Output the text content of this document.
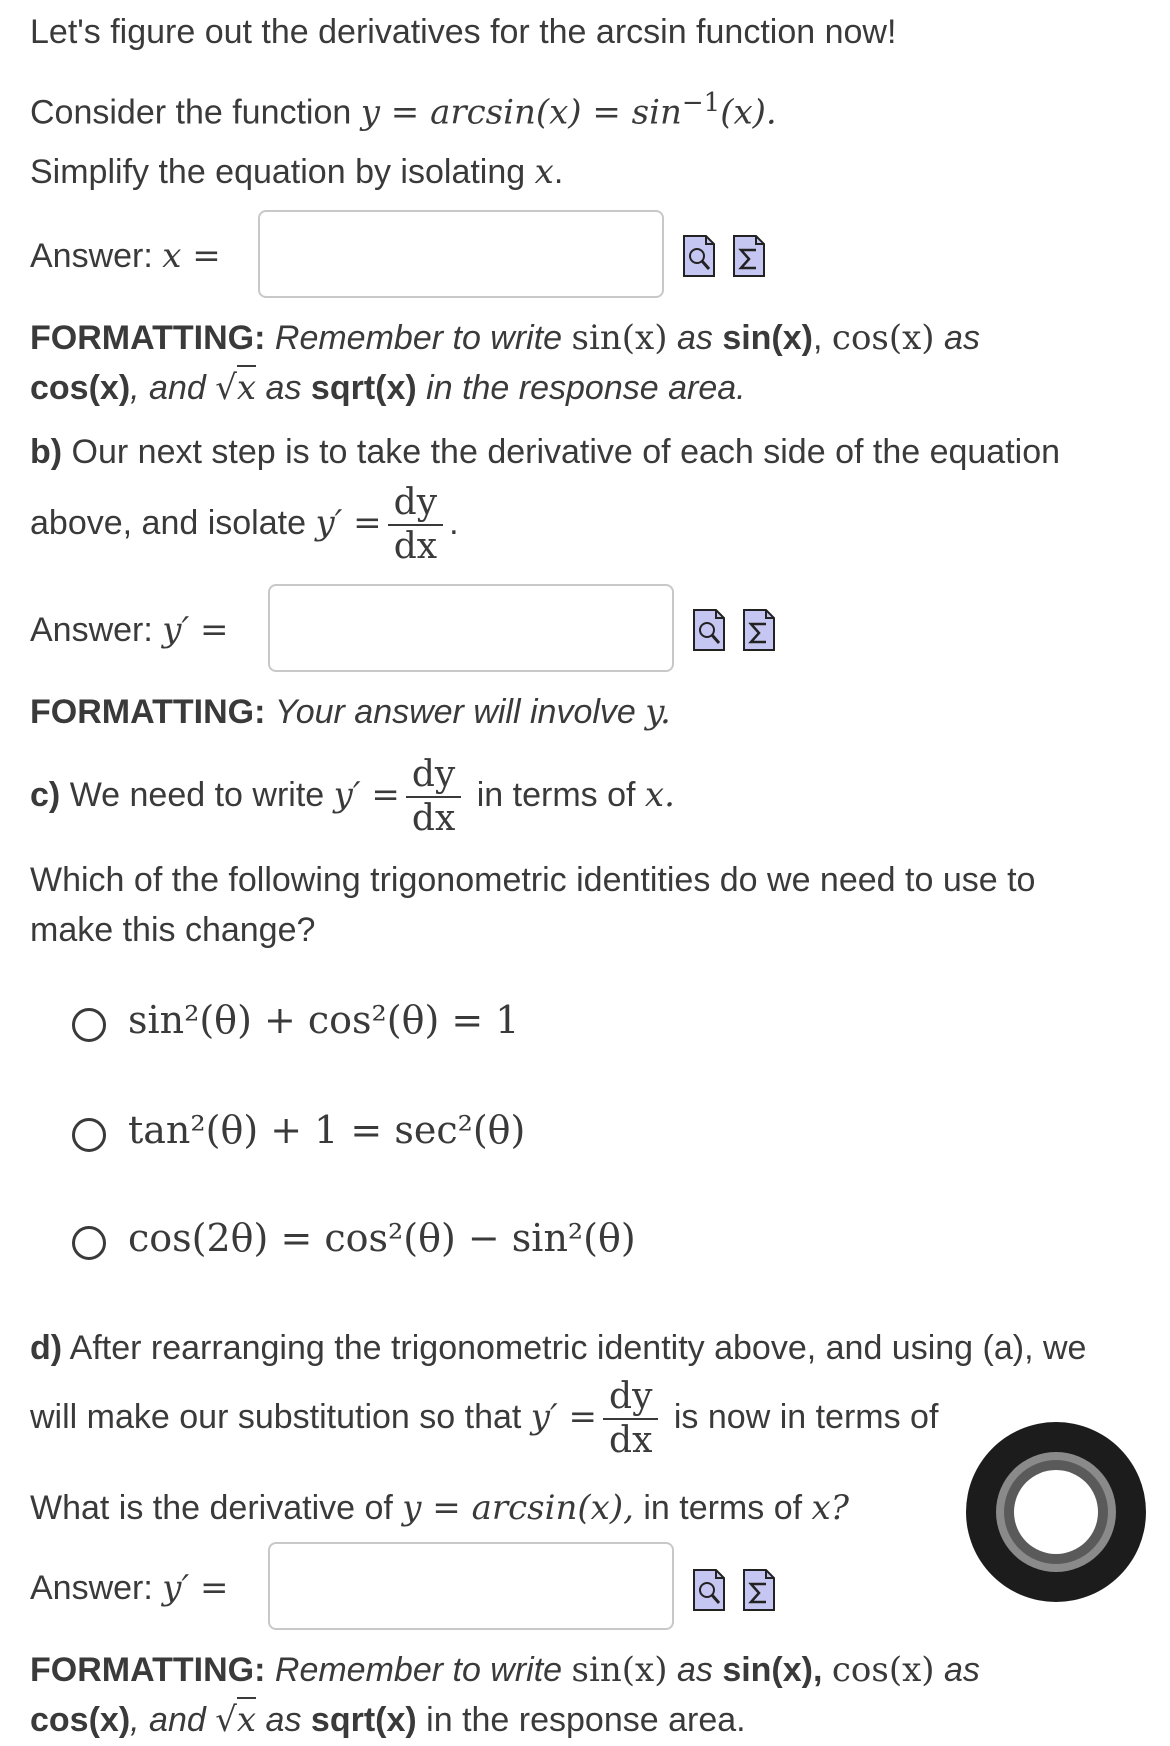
Let's figure out the derivatives for the arcsin function now!
Consider the function $y = \arcsin(x) = \sin^{-1}(x)$.
Simplify the equation by isolating x.
Answer: x =
FORMATTING: Remember to write sin(x) as sin(x), cos(x) as
cos(x), and √x as sqrt(x) in the response area.
b) Our next step is to take the derivative of each side of the equation
above, and isolate $y' = \frac{dy}{dx}$ .
Answer: y′ =
FORMATTING: Your answer will involve y.
c) We need to write $y' = \frac{dy}{dx}$ in terms of x.
Which of the following trigonometric identities do we need to use to
make this change?
sin²(θ) + cos²(θ) = 1
tan²(θ) + 1 = sec²(θ)
cos(2θ) = cos²(θ) − sin²(θ)
d) After rearranging the trigonometric identity above, and using (a), we
will make our substitution so that $y' = \frac{dy}{dx}$ is now in terms of
What is the derivative of y = arcsin(x), in terms of x?
Answer: y′ =
FORMATTING: Remember to write sin(x) as sin(x), cos(x) as
cos(x), and √x as sqrt(x) in the response area.
